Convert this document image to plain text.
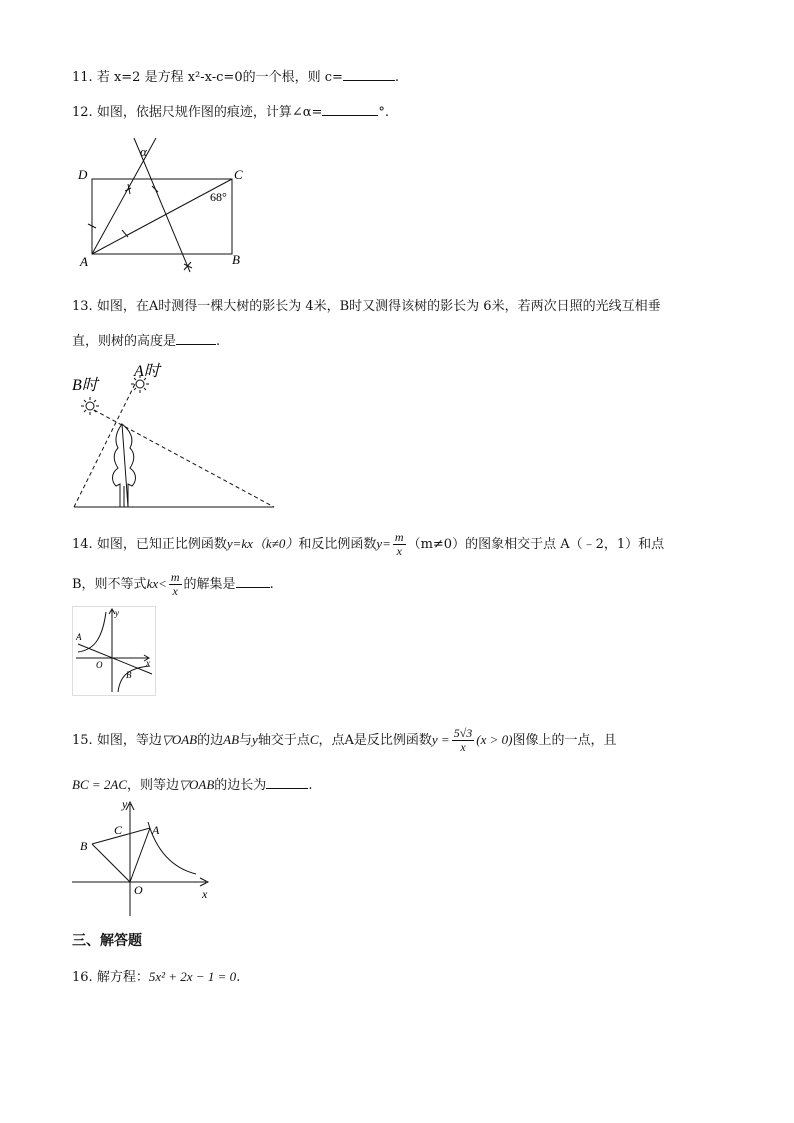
11. 若 x=2 是方程 x²-x-c=0的一个根，则 c=	.
12. 如图，依据尺规作图的痕迹，计算∠α=	°.
D	C
A	B
α
68°
13. 如图，在A时测得一棵大树的影长为 4米，B时又测得该树的影长为 6米，若两次日照的光线互相垂
直，则树的高度是	.
B时
A时
14. 如图，已知正比例函数y=kx（k≠0）和反比例函数$y= \frac{m}{x} (m\ne 0)$的图象相交于点 A（﹣2，1）和点
B，则不等式$kx< \frac{m}{x}$ 的解集是	.
y
x
O
A
B
15. 如图，等边▽OAB的边AB与y轴交于点C，点A是反比例函数$y = \frac{5√3}{x} (x > 0)$图像上的一点，且
BC = 2AC，则等边▽OAB的边长为	.
y
x
O
A
B
C
三、解答题
16. 解方程：5x² + 2x − 1 = 0.
